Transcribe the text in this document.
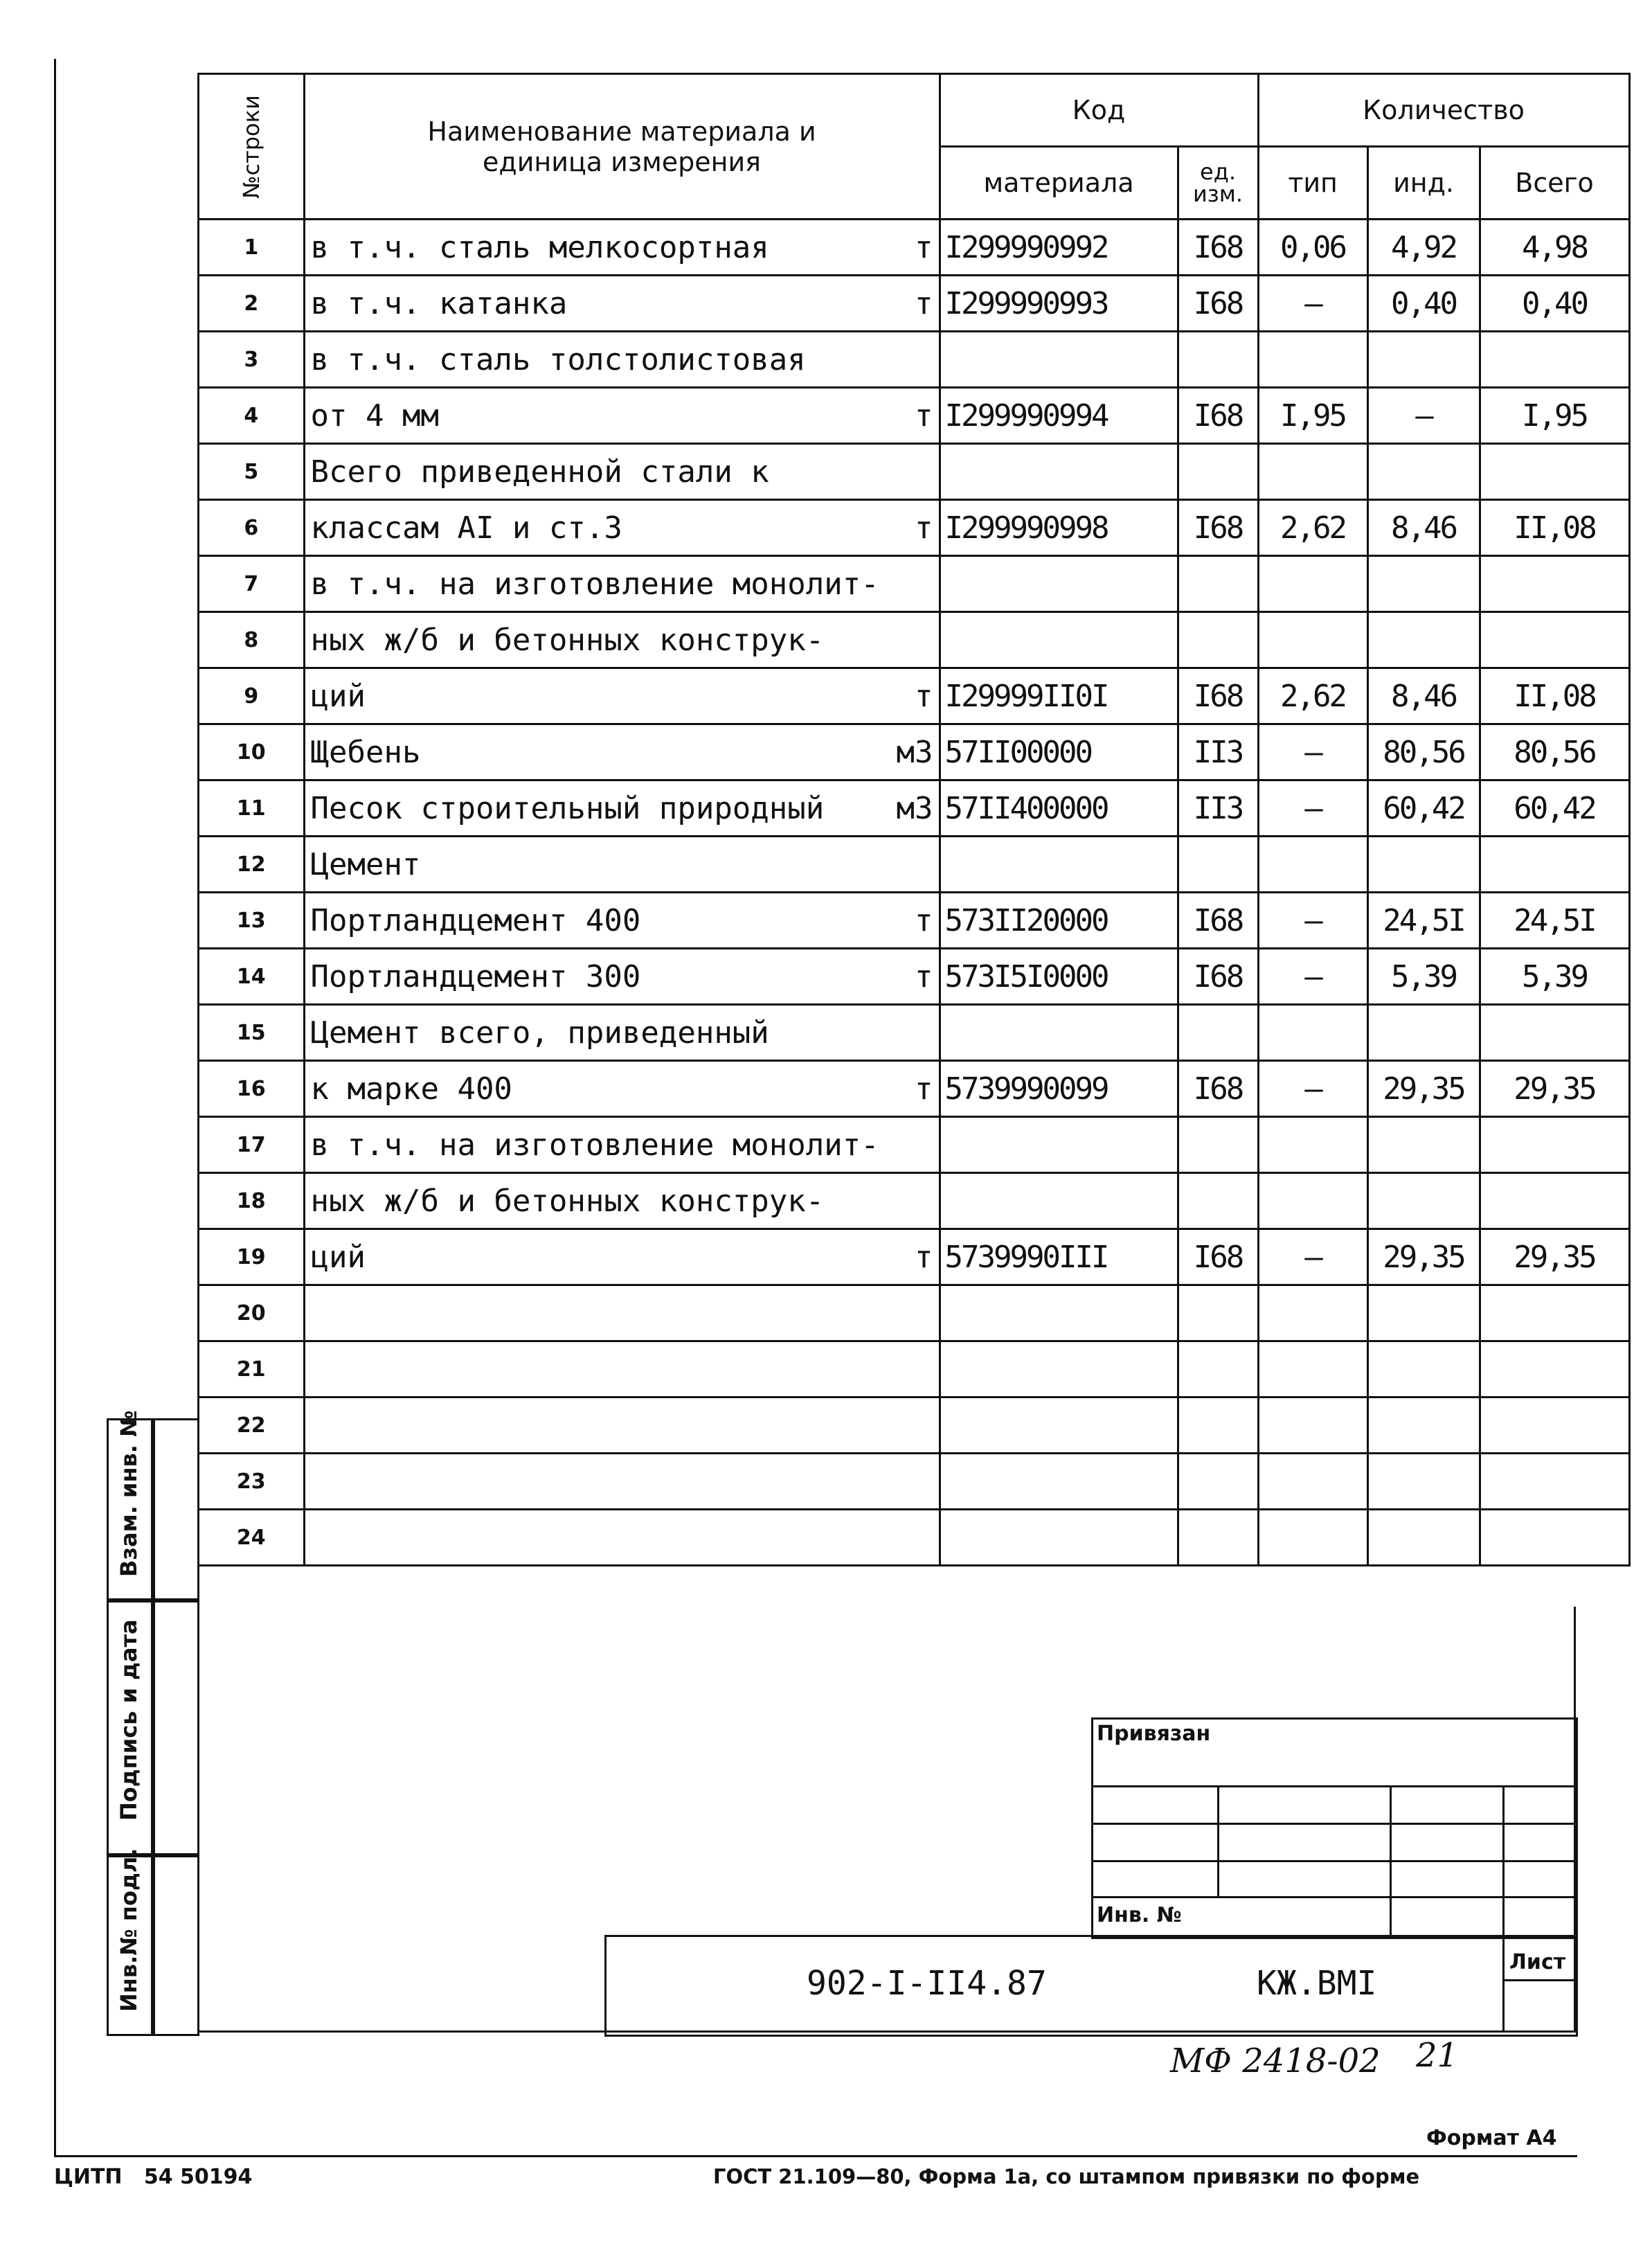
№строки	Наименование материала и единица измерения	Код		Количество		
		материала	ед. изм.	тип	инд.	Всего
1	в т.ч. сталь мелкосортная т	I299990992	I68	0,06	4,92	4,98
2	в т.ч. катанка т	I299990993	I68	–	0,40	0,40
3	в т.ч. сталь толстолистовая

4	от 4 мм т	I299990994	I68	I,95	–	I,95
5	Всего приведенной стали к

6	классам АI и ст.3 т	I299990998	I68	2,62	8,46	II,08
7	в т.ч. на изготовление монолит-

8	ных ж/б и бетонных конструк-

9	ций т	I29999II0I	I68	2,62	8,46	II,08
10	Щебень м3	57II00000	II3	–	80,56	80,56
11	Песок строительный природный м3	57II400000	II3	–	60,42	60,42
12	Цемент

13	Портландцемент 400 т	573II20000	I68	–	24,5I	24,5I
14	Портландцемент 300 т	573I5I0000	I68	–	5,39	5,39
15	Цемент всего, приведенный

16	к марке 400 т	5739990099	I68	–	29,35	29,35
17	в т.ч. на изготовление монолит-

18	ных ж/б и бетонных конструк-

19	ций т	5739990III	I68	–	29,35	29,35
20	

21	

22	

23	

24	

Взам. инв. №
Подпись и дата
Инв.№ подл.
Привязан
Инв. №
Лист
902-I-II4.87	КЖ.ВМI
МФ 2418-02 21
Формат А4
ЦИТП   54 50194	ГОСТ 21.109—80, Форма 1а, со штампом привязки по форме
